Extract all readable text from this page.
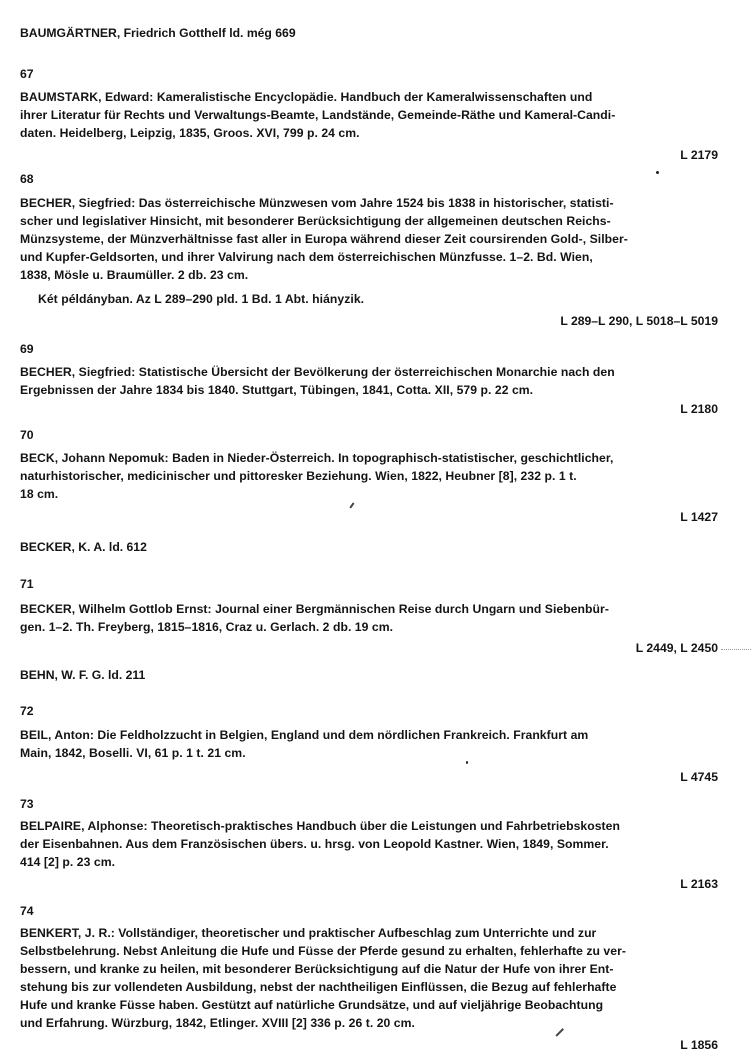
BAUMGÄRTNER, Friedrich Gotthelf ld. még 669
67
BAUMSTARK, Edward: Kameralistische Encyclopädie. Handbuch der Kameralwissenschaften und
ihrer Literatur für Rechts und Verwaltungs-Beamte, Landstände, Gemeinde-Räthe und Kameral-Candi-
daten. Heidelberg, Leipzig, 1835, Groos. XVI, 799 p. 24 cm.
L 2179
68
BECHER, Siegfried: Das österreichische Münzwesen vom Jahre 1524 bis 1838 in historischer, statisti-
scher und legislativer Hinsicht, mit besonderer Berücksichtigung der allgemeinen deutschen Reichs-
Münzsysteme, der Münzverhältnisse fast aller in Europa während dieser Zeit coursirenden Gold-, Silber-
und Kupfer-Geldsorten, und ihrer Valvirung nach dem österreichischen Münzfusse. 1–2. Bd. Wien,
1838, Mösle u. Braumüller. 2 db. 23 cm.
Két példányban. Az L 289–290 pld. 1 Bd. 1 Abt. hiányzik.
L 289–L 290, L 5018–L 5019
69
BECHER, Siegfried: Statistische Übersicht der Bevölkerung der österreichischen Monarchie nach den
Ergebnissen der Jahre 1834 bis 1840. Stuttgart, Tübingen, 1841, Cotta. XII, 579 p. 22 cm.
L 2180
70
BECK, Johann Nepomuk: Baden in Nieder-Österreich. In topographisch-statistischer, geschichtlicher,
naturhistorischer, medicinischer und pittoresker Beziehung. Wien, 1822, Heubner [8], 232 p. 1 t.
18 cm.
L 1427
BECKER, K. A. ld. 612
71
BECKER, Wilhelm Gottlob Ernst: Journal einer Bergmännischen Reise durch Ungarn und Siebenbür-
gen. 1–2. Th. Freyberg, 1815–1816, Craz u. Gerlach. 2 db. 19 cm.
L 2449, L 2450
BEHN, W. F. G. ld. 211
72
BEIL, Anton: Die Feldholzzucht in Belgien, England und dem nördlichen Frankreich. Frankfurt am
Main, 1842, Boselli. VI, 61 p. 1 t. 21 cm.
L 4745
73
BELPAIRE, Alphonse: Theoretisch-praktisches Handbuch über die Leistungen und Fahrbetriebskosten
der Eisenbahnen. Aus dem Französischen übers. u. hrsg. von Leopold Kastner. Wien, 1849, Sommer.
414 [2] p. 23 cm.
L 2163
74
BENKERT, J. R.: Vollständiger, theoretischer und praktischer Aufbeschlag zum Unterrichte und zur
Selbstbelehrung. Nebst Anleitung die Hufe und Füsse der Pferde gesund zu erhalten, fehlerhafte zu ver-
bessern, und kranke zu heilen, mit besonderer Berücksichtigung auf die Natur der Hufe von ihrer Ent-
stehung bis zur vollendeten Ausbildung, nebst der nachtheiligen Einflüssen, die Bezug auf fehlerhafte
Hufe und kranke Füsse haben. Gestützt auf natürliche Grundsätze, und auf vieljährige Beobachtung
und Erfahrung. Würzburg, 1842, Etlinger. XVIII [2] 336 p. 26 t. 20 cm.
L 1856
